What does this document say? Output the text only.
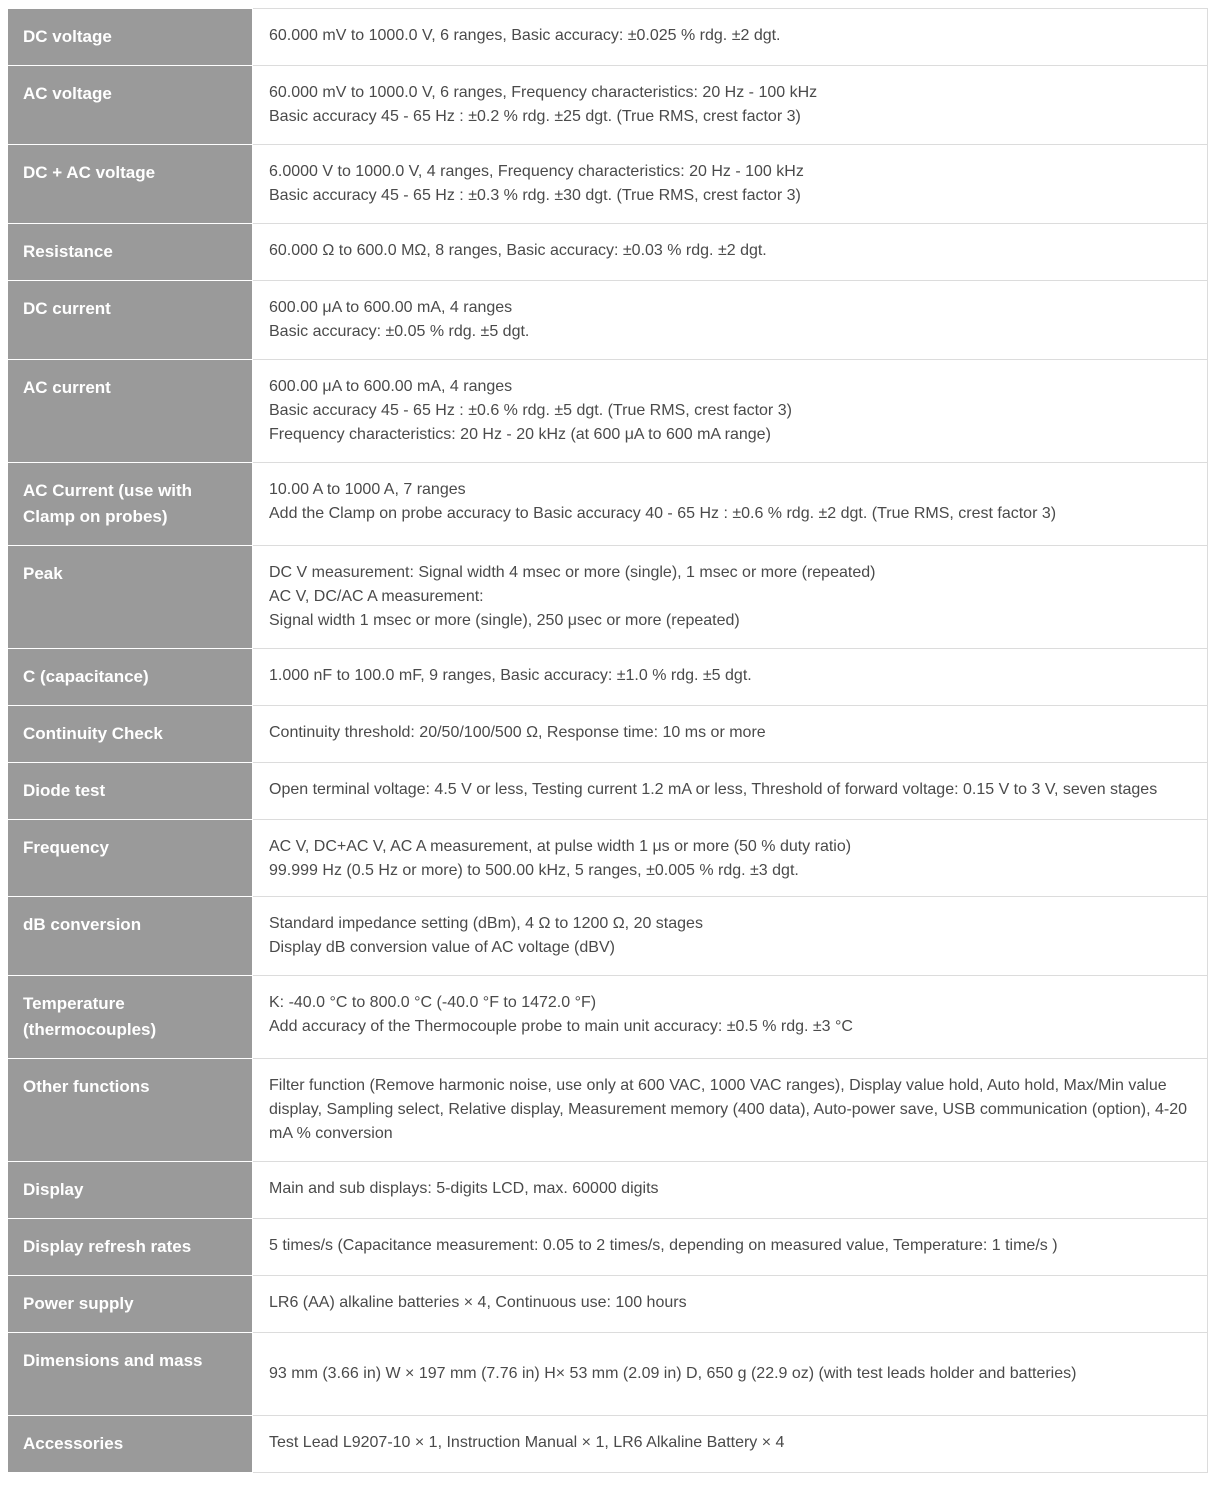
DC voltage	60.000 mV to 1000.0 V, 6 ranges, Basic accuracy: ±0.025 % rdg. ±2 dgt.

AC voltage	60.000 mV to 1000.0 V, 6 ranges, Frequency characteristics: 20 Hz - 100 kHz
Basic accuracy 45 - 65 Hz : ±0.2 % rdg. ±25 dgt. (True RMS, crest factor 3)

DC + AC voltage	6.0000 V to 1000.0 V, 4 ranges, Frequency characteristics: 20 Hz - 100 kHz
Basic accuracy 45 - 65 Hz : ±0.3 % rdg. ±30 dgt. (True RMS, crest factor 3)

Resistance	60.000 Ω to 600.0 MΩ, 8 ranges, Basic accuracy: ±0.03 % rdg. ±2 dgt.

DC current	600.00 μA to 600.00 mA, 4 ranges
Basic accuracy: ±0.05 % rdg. ±5 dgt.

AC current	600.00 μA to 600.00 mA, 4 ranges
Basic accuracy 45 - 65 Hz : ±0.6 % rdg. ±5 dgt. (True RMS, crest factor 3)
Frequency characteristics: 20 Hz - 20 kHz (at 600 μA to 600 mA range)

AC Current (use with Clamp on probes)	10.00 A to 1000 A, 7 ranges
Add the Clamp on probe accuracy to Basic accuracy 40 - 65 Hz : ±0.6 % rdg. ±2 dgt. (True RMS, crest factor 3)

Peak	DC V measurement: Signal width 4 msec or more (single), 1 msec or more (repeated)
AC V, DC/AC A measurement:
Signal width 1 msec or more (single), 250 μsec or more (repeated)

C (capacitance)	1.000 nF to 100.0 mF, 9 ranges, Basic accuracy: ±1.0 % rdg. ±5 dgt.

Continuity Check	Continuity threshold: 20/50/100/500 Ω, Response time: 10 ms or more

Diode test	Open terminal voltage: 4.5 V or less, Testing current 1.2 mA or less, Threshold of forward voltage: 0.15 V to 3 V, seven stages

Frequency	AC V, DC+AC V, AC A measurement, at pulse width 1 μs or more (50 % duty ratio)
99.999 Hz (0.5 Hz or more) to 500.00 kHz, 5 ranges, ±0.005 % rdg. ±3 dgt.

dB conversion	Standard impedance setting (dBm), 4 Ω to 1200 Ω, 20 stages
Display dB conversion value of AC voltage (dBV)

Temperature (thermocouples)	K: -40.0 °C to 800.0 °C (-40.0 °F to 1472.0 °F)
Add accuracy of the Thermocouple probe to main unit accuracy: ±0.5 % rdg. ±3 °C

Other functions	Filter function (Remove harmonic noise, use only at 600 VAC, 1000 VAC ranges), Display value hold, Auto hold, Max/Min value display, Sampling select, Relative display, Measurement memory (400 data), Auto-power save, USB communication (option), 4-20 mA % conversion

Display	Main and sub displays: 5-digits LCD, max. 60000 digits

Display refresh rates	5 times/s (Capacitance measurement: 0.05 to 2 times/s, depending on measured value, Temperature: 1 time/s )

Power supply	LR6 (AA) alkaline batteries × 4, Continuous use: 100 hours

Dimensions and mass	93 mm (3.66 in) W × 197 mm (7.76 in) H× 53 mm (2.09 in) D, 650 g (22.9 oz) (with test leads holder and batteries)

Accessories	Test Lead L9207-10 × 1, Instruction Manual × 1, LR6 Alkaline Battery × 4
